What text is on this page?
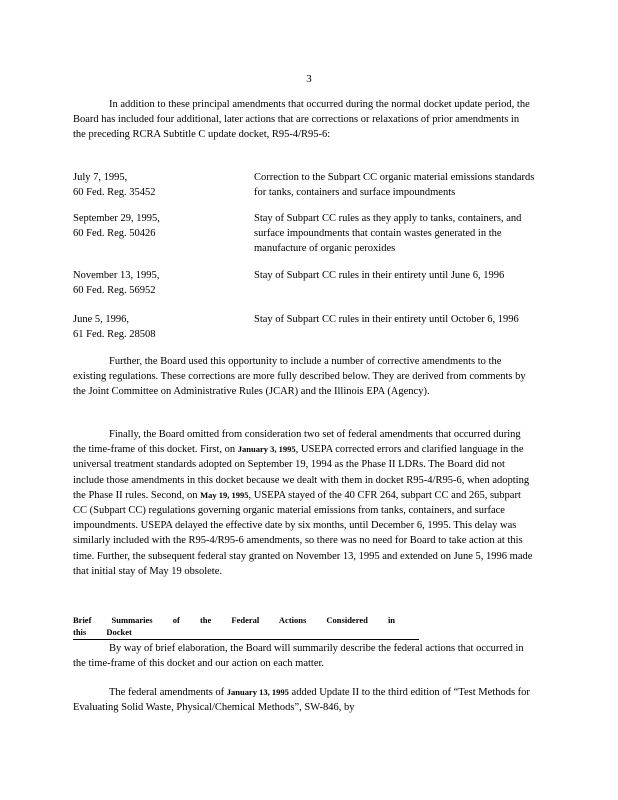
3

In addition to these principal amendments that occurred during the normal docket update period, the Board has included four additional, later actions that are corrections or relaxations of prior amendments in the preceding RCRA Subtitle C update docket, R95-4/R95-6:

July 7, 1995,
60 Fed. Reg. 35452

Correction to the Subpart CC organic material emissions standards for tanks, containers and surface impoundments

September 29, 1995,
60 Fed. Reg. 50426

Stay of Subpart CC rules as they apply to tanks, containers, and surface impoundments that contain wastes generated in the manufacture of organic peroxides

November 13, 1995,
60 Fed. Reg. 56952

Stay of Subpart CC rules in their entirety until June 6, 1996

June 5, 1996,
61 Fed. Reg. 28508

Stay of Subpart CC rules in their entirety until October 6, 1996

Further, the Board used this opportunity to include a number of corrective amendments to the existing regulations. These corrections are more fully described below. They are derived from comments by the Joint Committee on Administrative Rules (JCAR) and the Illinois EPA (Agency).

Finally, the Board omitted from consideration two set of federal amendments that occurred during the time-frame of this docket. First, on January 3, 1995, USEPA corrected errors and clarified language in the universal treatment standards adopted on September 19, 1994 as the Phase II LDRs. The Board did not include those amendments in this docket because we dealt with them in docket R95-4/R95-6, when adopting the Phase II rules. Second, on May 19, 1995, USEPA stayed of the 40 CFR 264, subpart CC and 265, subpart CC (Subpart CC) regulations governing organic material emissions from tanks, containers, and surface impoundments. USEPA delayed the effective date by six months, until December 6, 1995. This delay was similarly included with the R95-4/R95-6 amendments, so there was no need for Board to take action at this time. Further, the subsequent federal stay granted on November 13, 1995 and extended on June 5, 1996 made that initial stay of May 19 obsolete.

Brief Summaries of the Federal Actions Considered in this Docket

By way of brief elaboration, the Board will summarily describe the federal actions that occurred in the time-frame of this docket and our action on each matter.

The federal amendments of January 13, 1995 added Update II to the third edition of “Test Methods for Evaluating Solid Waste, Physical/Chemical Methods”, SW-846, by
